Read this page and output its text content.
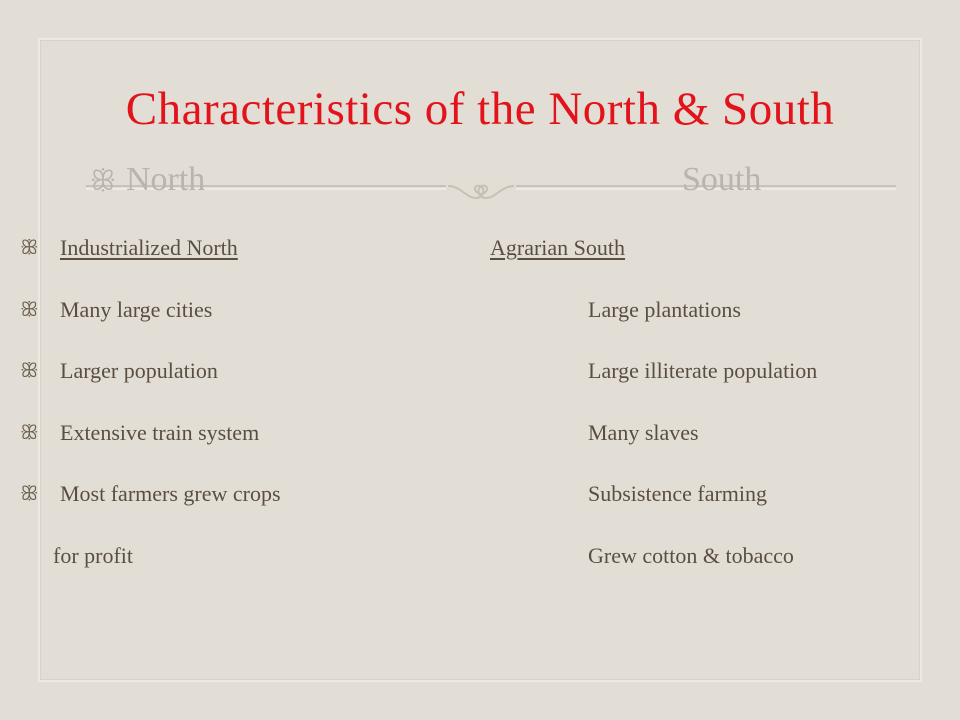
Characteristics of the North & South
ꕥ North	South
ꕥ Industrialized North	Agrarian South
ꕥ Many large cities	Large plantations
ꕥ Larger population	Large illiterate population
ꕥ Extensive train system	Many slaves
ꕥ Most farmers grew crops	Subsistence farming
for profit	Grew cotton & tobacco
